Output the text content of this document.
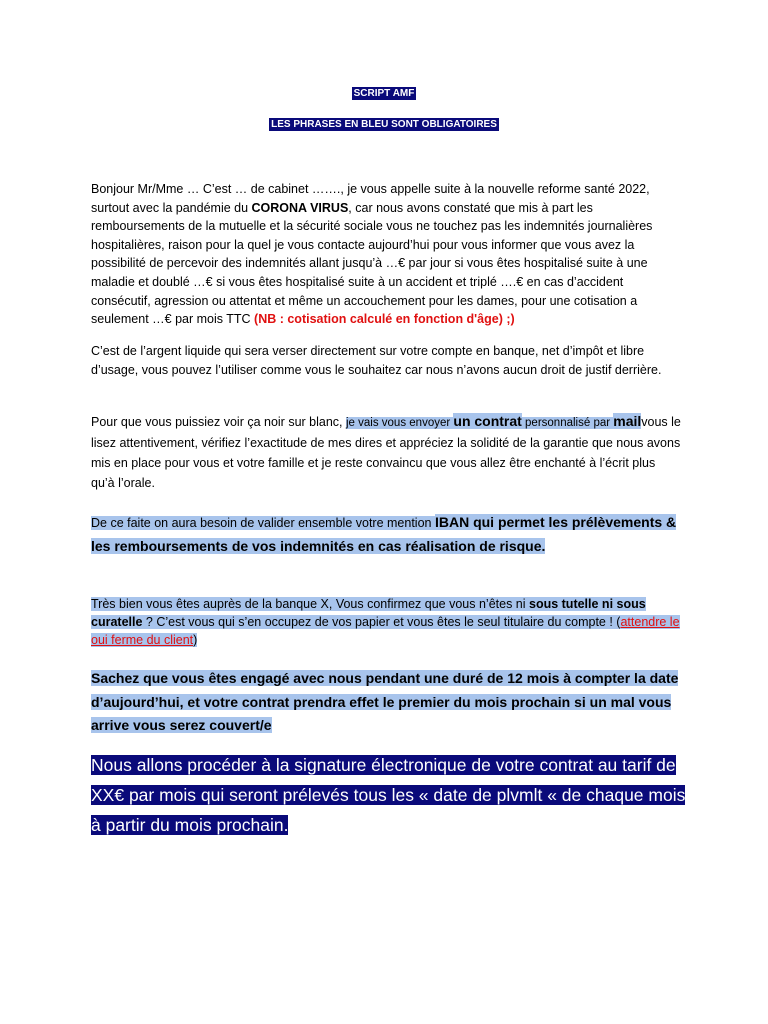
SCRIPT AMF
LES PHRASES EN BLEU SONT OBLIGATOIRES
Bonjour Mr/Mme … C’est … de cabinet ……., je vous appelle suite à la nouvelle reforme santé 2022, surtout avec la pandémie du CORONA VIRUS, car nous avons constaté que mis à part les remboursements de la mutuelle et la sécurité sociale vous ne touchez pas les indemnités journalières hospitalières, raison pour la quel je vous contacte aujourd’hui pour vous informer que vous avez la possibilité de percevoir des indemnités allant jusqu’à …€ par jour si vous êtes hospitalisé suite à une maladie et doublé …€ si vous êtes hospitalisé suite à un accident et triplé ….€ en cas d’accident consécutif, agression ou attentat et même un accouchement pour les dames, pour une cotisation a seulement …€ par mois TTC (NB : cotisation calculé en fonction d'âge) ;)
C’est de l’argent liquide qui sera verser directement sur votre compte en banque, net d’impôt et libre d’usage, vous pouvez l’utiliser comme vous le souhaitez car nous n’avons aucun droit de justif derrière.
Pour que vous puissiez voir ça noir sur blanc, je vais vous envoyer un contrat personnalisé par mailvous le lisez attentivement, vérifiez l’exactitude de mes dires et appréciez la solidité de la garantie que nous avons mis en place pour vous et votre famille et je reste convaincu que vous allez être enchanté à l’écrit plus qu’à l’orale.
De ce faite on aura besoin de valider ensemble votre mention IBAN qui permet les prélèvements & les remboursements de vos indemnités en cas réalisation de risque.
Très bien vous êtes auprès de la banque X, Vous confirmez que vous n’êtes ni sous tutelle ni sous curatelle ? C’est vous qui s’en occupez de vos papier et vous êtes le seul titulaire du compte ! (attendre le oui ferme du client)
Sachez que vous êtes engagé avec nous pendant une duré de 12 mois à compter la date d’aujourd’hui, et votre contrat prendra effet le premier du mois prochain si un mal vous arrive vous serez couvert/e
Nous allons procéder à la signature électronique de votre contrat au tarif de XX€ par mois qui seront prélevés tous les « date de plvmlt « de chaque mois à partir du mois prochain.
